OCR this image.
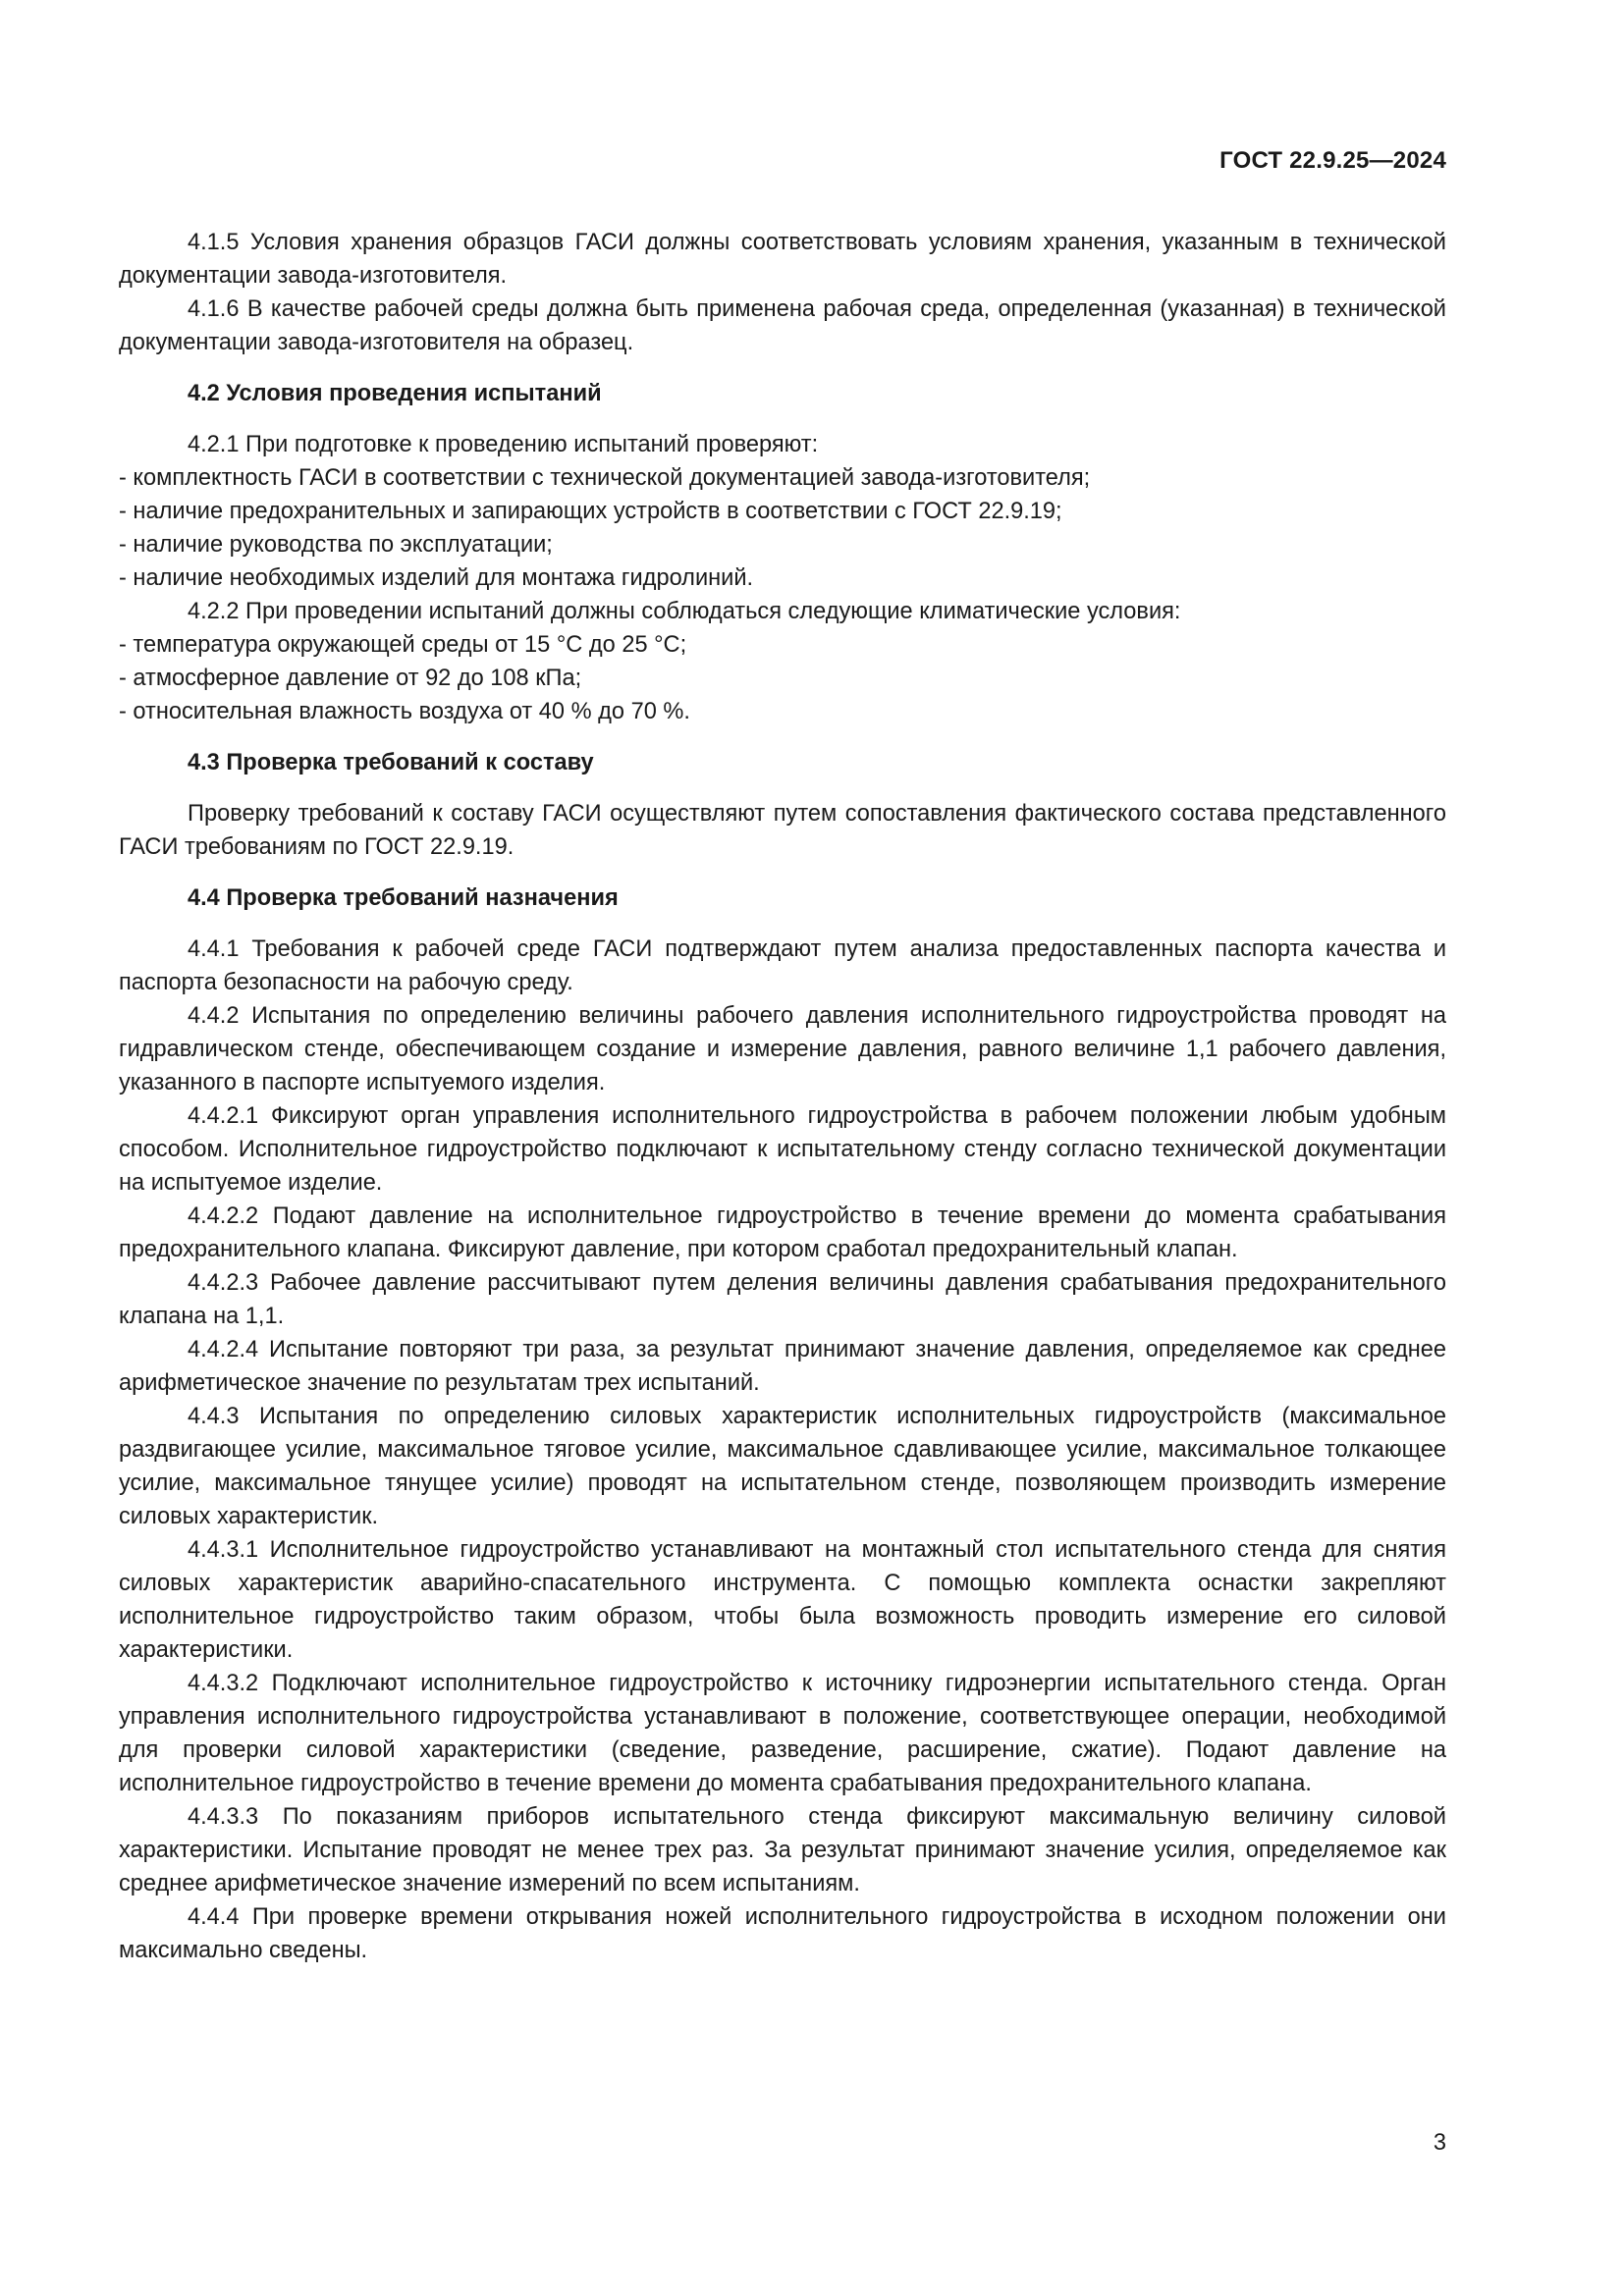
ГОСТ 22.9.25—2024

4.1.5 Условия хранения образцов ГАСИ должны соответствовать условиям хранения, указанным в технической документации завода-изготовителя.

4.1.6 В качестве рабочей среды должна быть применена рабочая среда, определенная (указанная) в технической документации завода-изготовителя на образец.

4.2 Условия проведения испытаний

4.2.1 При подготовке к проведению испытаний проверяют:

- комплектность ГАСИ в соответствии с технической документацией завода-изготовителя;

- наличие предохранительных и запирающих устройств в соответствии с ГОСТ 22.9.19;

- наличие руководства по эксплуатации;

- наличие необходимых изделий для монтажа гидролиний.

4.2.2 При проведении испытаний должны соблюдаться следующие климатические условия:

- температура окружающей среды от 15 °C до 25 °C;

- атмосферное давление от 92 до 108 кПа;

- относительная влажность воздуха от 40 % до 70 %.

4.3 Проверка требований к составу

Проверку требований к составу ГАСИ осуществляют путем сопоставления фактического состава представленного ГАСИ требованиям по ГОСТ 22.9.19.

4.4 Проверка требований назначения

4.4.1 Требования к рабочей среде ГАСИ подтверждают путем анализа предоставленных паспорта качества и паспорта безопасности на рабочую среду.

4.4.2 Испытания по определению величины рабочего давления исполнительного гидроустройства проводят на гидравлическом стенде, обеспечивающем создание и измерение давления, равного величине 1,1 рабочего давления, указанного в паспорте испытуемого изделия.

4.4.2.1 Фиксируют орган управления исполнительного гидроустройства в рабочем положении любым удобным способом. Исполнительное гидроустройство подключают к испытательному стенду согласно технической документации на испытуемое изделие.

4.4.2.2 Подают давление на исполнительное гидроустройство в течение времени до момента срабатывания предохранительного клапана. Фиксируют давление, при котором сработал предохранительный клапан.

4.4.2.3 Рабочее давление рассчитывают путем деления величины давления срабатывания предохранительного клапана на 1,1.

4.4.2.4 Испытание повторяют три раза, за результат принимают значение давления, определяемое как среднее арифметическое значение по результатам трех испытаний.

4.4.3 Испытания по определению силовых характеристик исполнительных гидроустройств (максимальное раздвигающее усилие, максимальное тяговое усилие, максимальное сдавливающее усилие, максимальное толкающее усилие, максимальное тянущее усилие) проводят на испытательном стенде, позволяющем производить измерение силовых характеристик.

4.4.3.1 Исполнительное гидроустройство устанавливают на монтажный стол испытательного стенда для снятия силовых характеристик аварийно-спасательного инструмента. С помощью комплекта оснастки закрепляют исполнительное гидроустройство таким образом, чтобы была возможность проводить измерение его силовой характеристики.

4.4.3.2 Подключают исполнительное гидроустройство к источнику гидроэнергии испытательного стенда. Орган управления исполнительного гидроустройства устанавливают в положение, соответствующее операции, необходимой для проверки силовой характеристики (сведение, разведение, расширение, сжатие). Подают давление на исполнительное гидроустройство в течение времени до момента срабатывания предохранительного клапана.

4.4.3.3 По показаниям приборов испытательного стенда фиксируют максимальную величину силовой характеристики. Испытание проводят не менее трех раз. За результат принимают значение усилия, определяемое как среднее арифметическое значение измерений по всем испытаниям.

4.4.4 При проверке времени открывания ножей исполнительного гидроустройства в исходном положении они максимально сведены.

3
